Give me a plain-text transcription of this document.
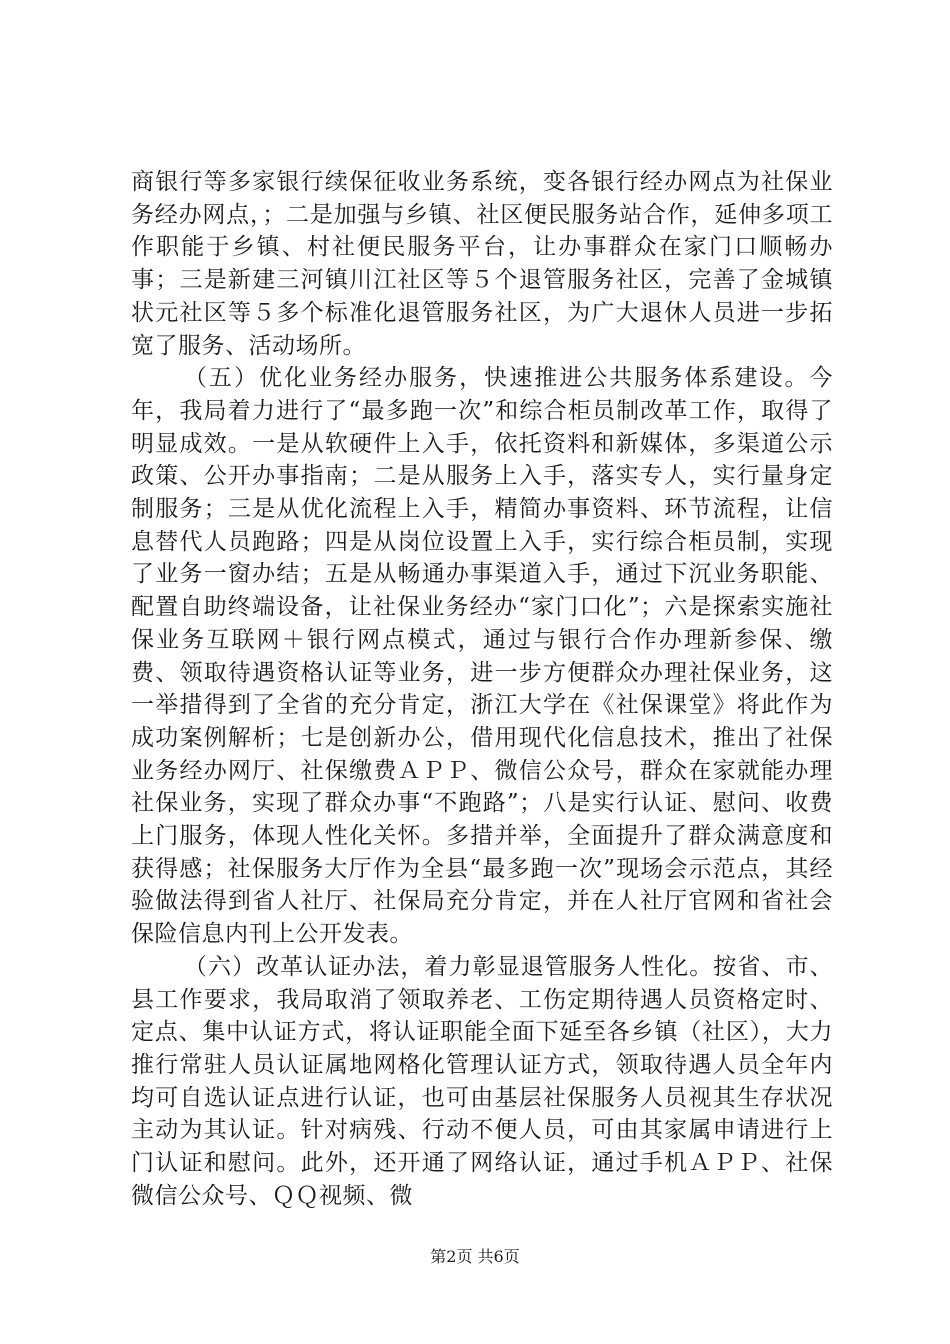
商银行等多家银行续保征收业务系统，变各银行经办网点为社保业务经办网点，；二是加强与乡镇、社区便民服务站合作，延伸多项工作职能于乡镇、村社便民服务平台，让办事群众在家门口顺畅办事；三是新建三河镇川江社区等５个退管服务社区，完善了金城镇状元社区等５多个标准化退管服务社区，为广大退休人员进一步拓宽了服务、活动场所。

（五）优化业务经办服务，快速推进公共服务体系建设。今年，我局着力进行了“最多跑一次”和综合柜员制改革工作，取得了明显成效。一是从软硬件上入手，依托资料和新媒体，多渠道公示政策、公开办事指南；二是从服务上入手，落实专人，实行量身定制服务；三是从优化流程上入手，精简办事资料、环节流程，让信息替代人员跑路；四是从岗位设置上入手，实行综合柜员制，实现了业务一窗办结；五是从畅通办事渠道入手，通过下沉业务职能、配置自助终端设备，让社保业务经办“家门口化”；六是探索实施社保业务互联网＋银行网点模式，通过与银行合作办理新参保、缴费、领取待遇资格认证等业务，进一步方便群众办理社保业务，这一举措得到了全省的充分肯定，浙江大学在《社保课堂》将此作为成功案例解析；七是创新办公，借用现代化信息技术，推出了社保业务经办网厅、社保缴费ＡＰＰ、微信公众号，群众在家就能办理社保业务，实现了群众办事“不跑路”；八是实行认证、慰问、收费上门服务，体现人性化关怀。多措并举，全面提升了群众满意度和获得感；社保服务大厅作为全县“最多跑一次”现场会示范点，其经验做法得到省人社厅、社保局充分肯定，并在人社厅官网和省社会保险信息内刊上公开发表。

（六）改革认证办法，着力彰显退管服务人性化。按省、市、县工作要求，我局取消了领取养老、工伤定期待遇人员资格定时、定点、集中认证方式，将认证职能全面下延至各乡镇（社区），大力推行常驻人员认证属地网格化管理认证方式，领取待遇人员全年内均可自选认证点进行认证，也可由基层社保服务人员视其生存状况主动为其认证。针对病残、行动不便人员，可由其家属申请进行上门认证和慰问。此外，还开通了网络认证，通过手机ＡＰＰ、社保微信公众号、ＱＱ视频、微

第2页 共6页
